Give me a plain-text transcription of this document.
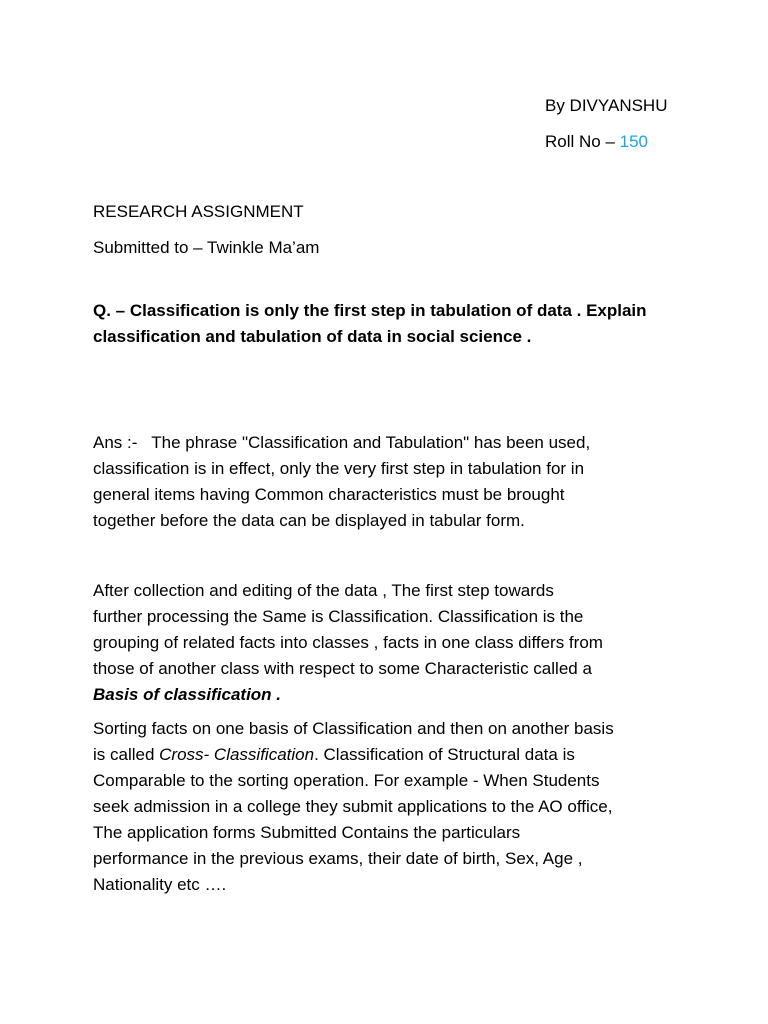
By DIVYANSHU
Roll No – 150
RESEARCH ASSIGNMENT
Submitted to – Twinkle Ma’am

Q. – Classification is only the first step in tabulation of data . Explain
classification and tabulation of data in social science .

Ans :-   The phrase "Classification and Tabulation" has been used,
classification is in effect, only the very first step in tabulation for in
general items having Common characteristics must be brought
together before the data can be displayed in tabular form.

After collection and editing of the data , The first step towards
further processing the Same is Classification. Classification is the
grouping of related facts into classes , facts in one class differs from
those of another class with respect to some Characteristic called a
Basis of classification .

Sorting facts on one basis of Classification and then on another basis
is called Cross- Classification. Classification of Structural data is
Comparable to the sorting operation. For example - When Students
seek admission in a college they submit applications to the AO office,
The application forms Submitted Contains the particulars
performance in the previous exams, their date of birth, Sex, Age ,
Nationality etc ….
